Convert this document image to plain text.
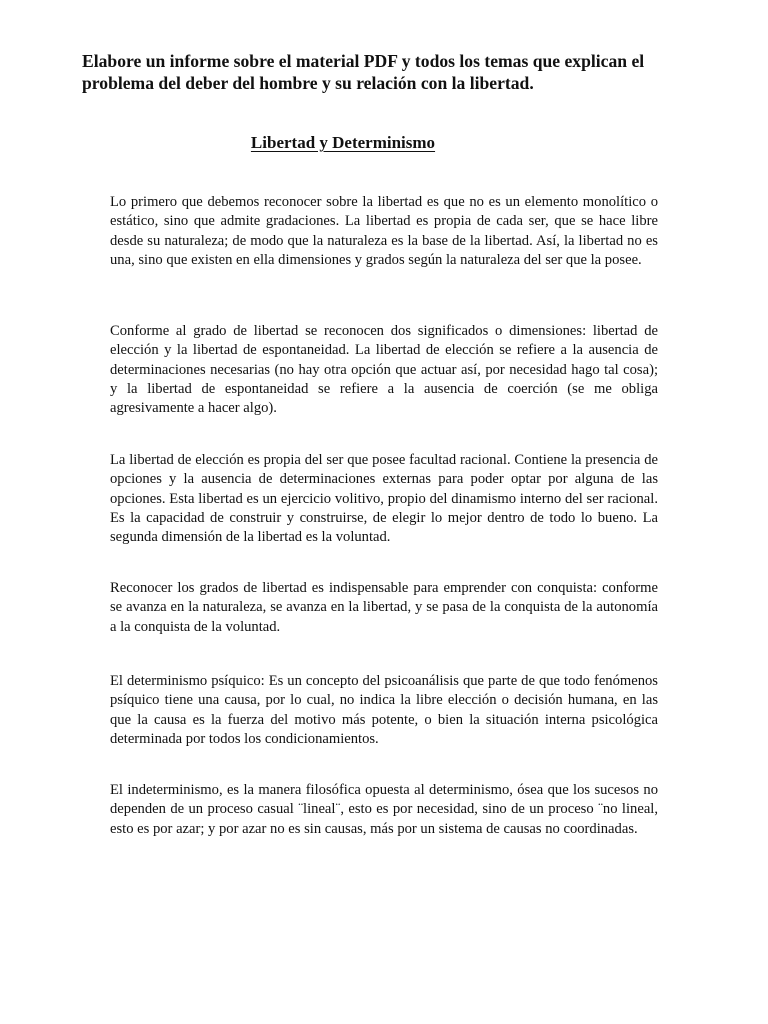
Elabore un informe sobre el material PDF y todos los temas que explican el problema del deber del hombre y su relación con la libertad.

Libertad y Determinismo

Lo primero que debemos reconocer sobre la libertad es que no es un elemento monolítico o estático, sino que admite gradaciones. La libertad es propia de cada ser, que se hace libre desde su naturaleza; de modo que la naturaleza es la base de la libertad. Así, la libertad no es una, sino que existen en ella dimensiones y grados según la naturaleza del ser que la posee.

Conforme al grado de libertad se reconocen dos significados o dimensiones: libertad de elección y la libertad de espontaneidad. La libertad de elección se refiere a la ausencia de determinaciones necesarias (no hay otra opción que actuar así, por necesidad hago tal cosa); y la libertad de espontaneidad se refiere a la ausencia de coerción (se me obliga agresivamente a hacer algo).

La libertad de elección es propia del ser que posee facultad racional. Contiene la presencia de opciones y la ausencia de determinaciones externas para poder optar por alguna de las opciones. Esta libertad es un ejercicio volitivo, propio del dinamismo interno del ser racional. Es la capacidad de construir y construirse, de elegir lo mejor dentro de todo lo bueno. La segunda dimensión de la libertad es la voluntad.

Reconocer los grados de libertad es indispensable para emprender con conquista: conforme se avanza en la naturaleza, se avanza en la libertad, y se pasa de la conquista de la autonomía a la conquista de la voluntad.

El determinismo psíquico: Es un concepto del psicoanálisis que parte de que todo fenómenos psíquico tiene una causa, por lo cual, no indica la libre elección o decisión humana, en las que la causa es la fuerza del motivo más potente, o bien la situación interna psicológica determinada por todos los condicionamientos.

El indeterminismo, es la manera filosófica opuesta al determinismo, ósea que los sucesos no dependen de un proceso casual ¨lineal¨, esto es por necesidad, sino de un proceso ¨no lineal, esto es por azar; y por azar no es sin causas, más por un sistema de causas no coordinadas.
